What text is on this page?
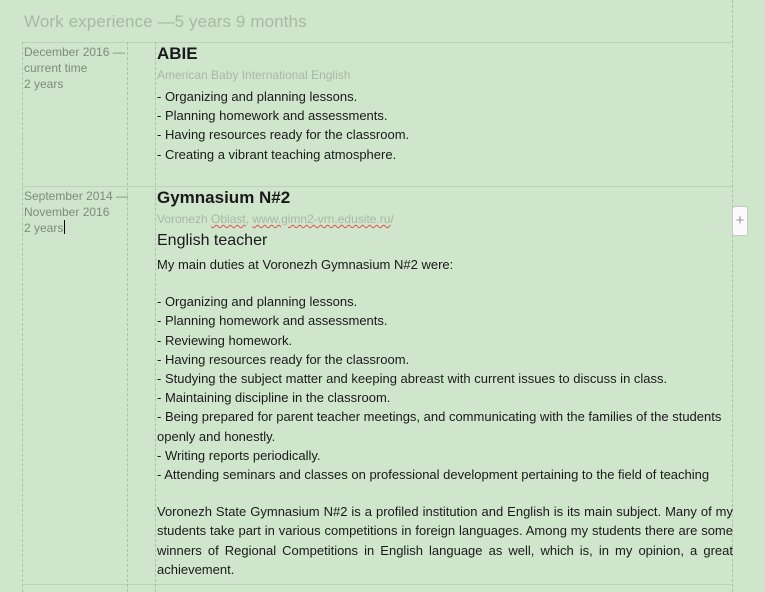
Work experience —5 years 9 months
December 2016 —
current time
2 years
ABIE
American Baby International English
- Organizing and planning lessons.
- Planning homework and assessments.
- Having resources ready for the classroom.
- Creating a vibrant teaching atmosphere.
September 2014 —
November 2016
2 years
Gymnasium N#2
Voronezh Oblast, www.gimn2-vrn.edusite.ru/
English teacher
My main duties at Voronezh Gymnasium N#2 were:
- Organizing and planning lessons.
- Planning homework and assessments.
- Reviewing homework.
- Having resources ready for the classroom.
- Studying the subject matter and keeping abreast with current issues to discuss in class.
- Maintaining discipline in the classroom.
- Being prepared for parent teacher meetings, and communicating with the families of the students
openly and honestly.
- Writing reports periodically.
- Attending seminars and classes on professional development pertaining to the field of teaching
Voronezh State Gymnasium N#2 is a profiled institution and English is its main subject. Many of my students take part in various competitions in foreign languages. Among my students there are some winners of Regional Competitions in English language as well, which is, in my opinion, a great achievement.
+
